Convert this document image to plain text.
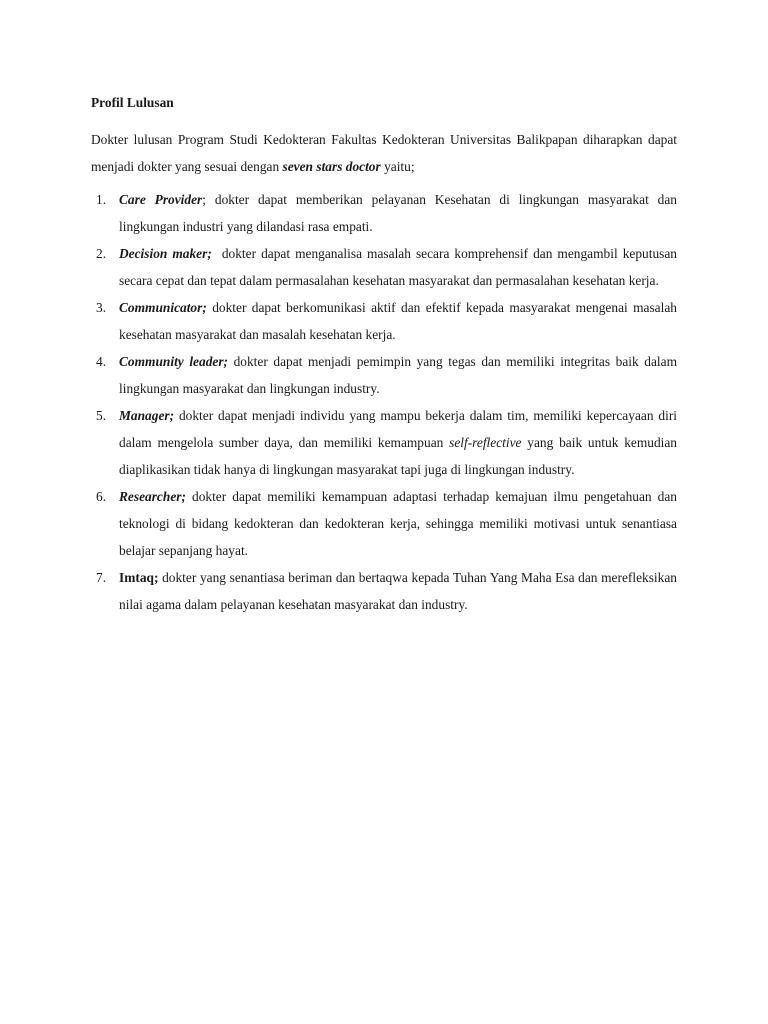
Profil Lulusan

Dokter lulusan Program Studi Kedokteran Fakultas Kedokteran Universitas Balikpapan diharapkan dapat menjadi dokter yang sesuai dengan seven stars doctor yaitu;

1. Care Provider; dokter dapat memberikan pelayanan Kesehatan di lingkungan masyarakat dan lingkungan industri yang dilandasi rasa empati.
2. Decision maker;  dokter dapat menganalisa masalah secara komprehensif dan mengambil keputusan secara cepat dan tepat dalam permasalahan kesehatan masyarakat dan permasalahan kesehatan kerja.
3. Communicator; dokter dapat berkomunikasi aktif dan efektif kepada masyarakat mengenai masalah kesehatan masyarakat dan masalah kesehatan kerja.
4. Community leader; dokter dapat menjadi pemimpin yang tegas dan memiliki integritas baik dalam lingkungan masyarakat dan lingkungan industry.
5. Manager; dokter dapat menjadi individu yang mampu bekerja dalam tim, memiliki kepercayaan diri dalam mengelola sumber daya, dan memiliki kemampuan self-reflective yang baik untuk kemudian diaplikasikan tidak hanya di lingkungan masyarakat tapi juga di lingkungan industry.
6. Researcher; dokter dapat memiliki kemampuan adaptasi terhadap kemajuan ilmu pengetahuan dan teknologi di bidang kedokteran dan kedokteran kerja, sehingga memiliki motivasi untuk senantiasa belajar sepanjang hayat.
7. Imtaq; dokter yang senantiasa beriman dan bertaqwa kepada Tuhan Yang Maha Esa dan merefleksikan nilai agama dalam pelayanan kesehatan masyarakat dan industry.
